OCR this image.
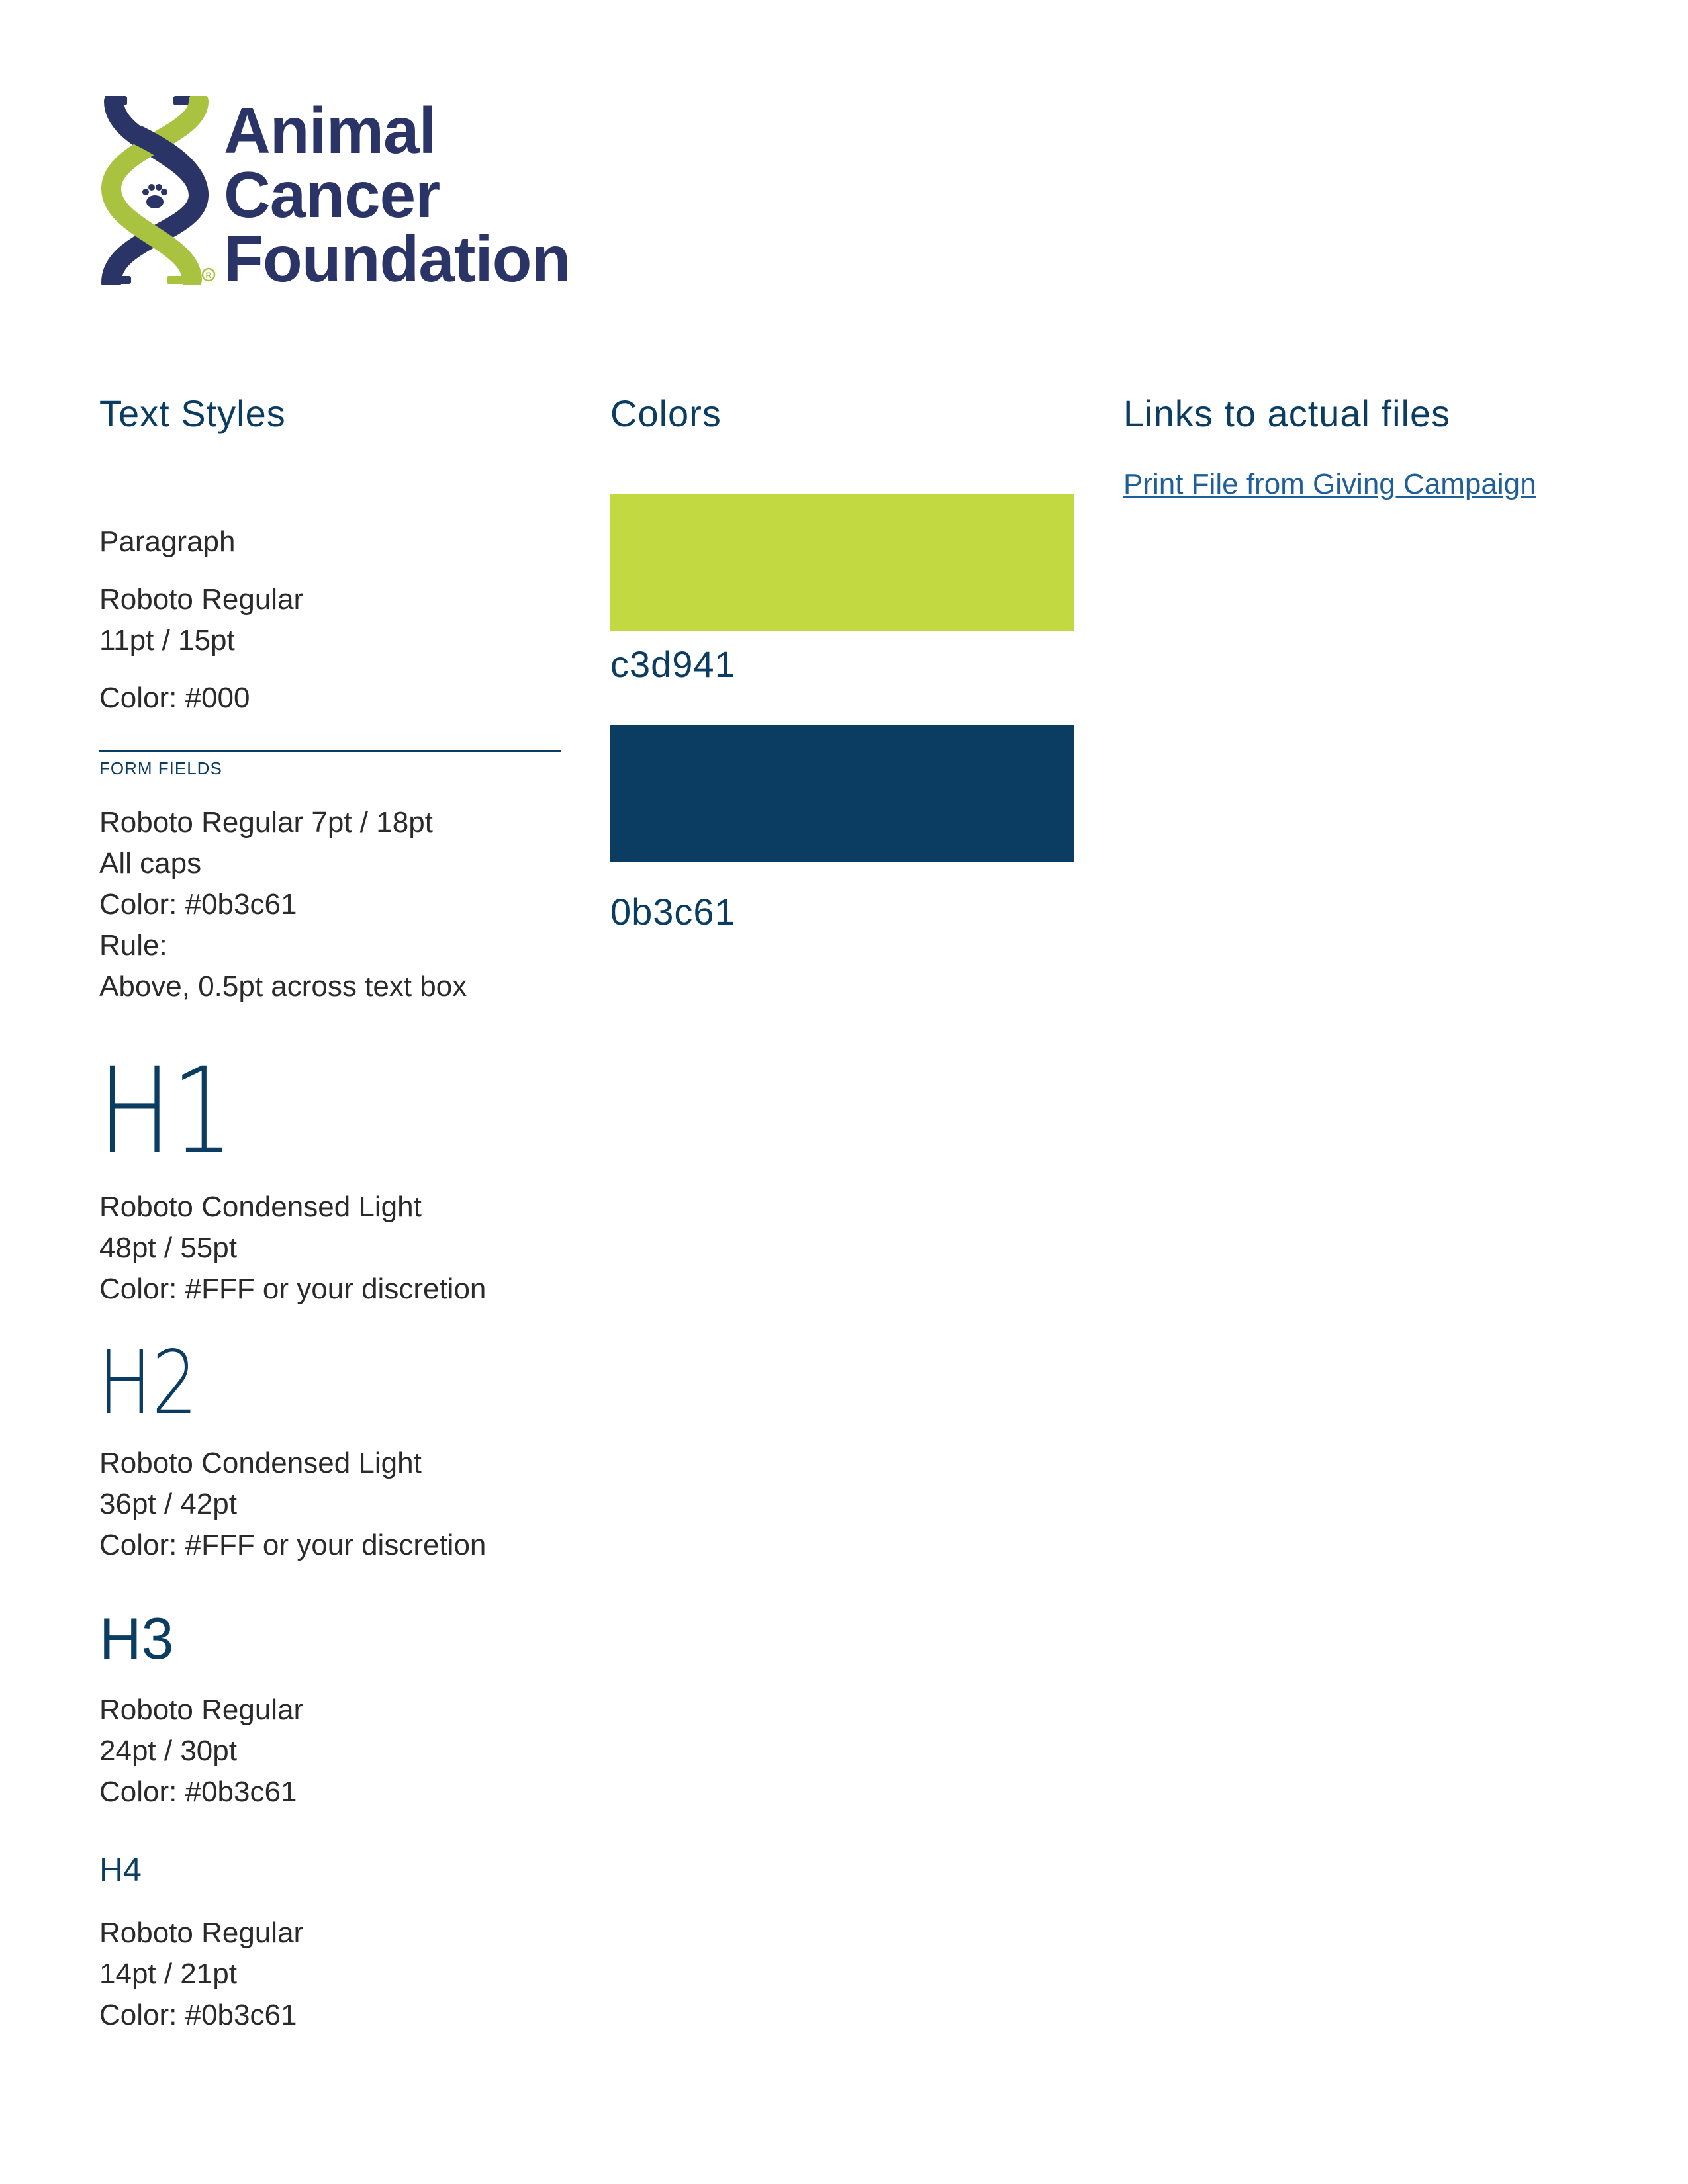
R
Animal
Cancer
Foundation
Text Styles	Colors	Links to actual files
Paragraph
Roboto Regular
11pt / 15pt
Color: #000
FORM FIELDS
Roboto Regular 7pt / 18pt
All caps
Color: #0b3c61
Rule:
Above, 0.5pt across text box
H1
Roboto Condensed Light
48pt / 55pt
Color: #FFF or your discretion
H2
Roboto Condensed Light
36pt / 42pt
Color: #FFF or your discretion
H3
Roboto Regular
24pt / 30pt
Color: #0b3c61
H4
Roboto Regular
14pt / 21pt
Color: #0b3c61
c3d941
0b3c61
Print File from Giving Campaign
